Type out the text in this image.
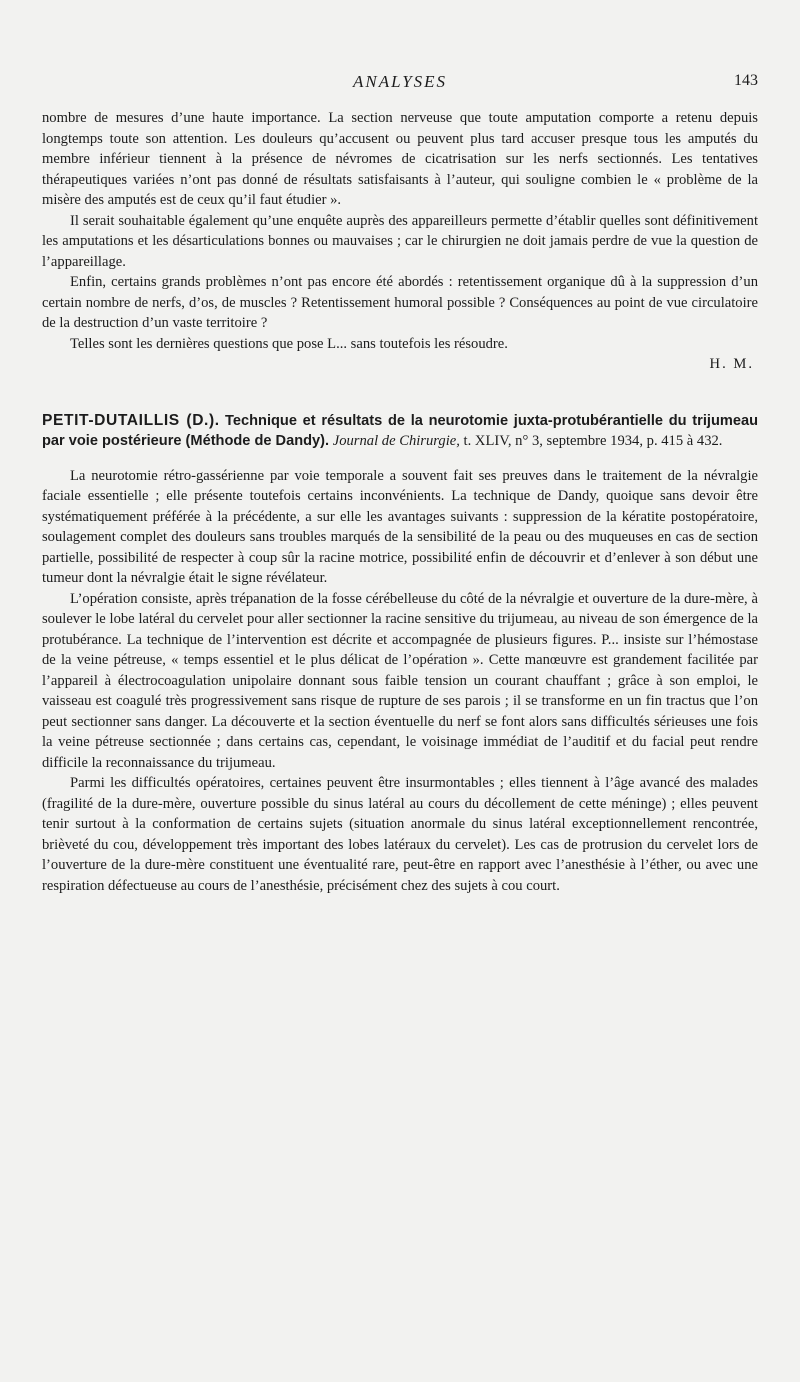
ANALYSES	143

nombre de mesures d’une haute importance. La section nerveuse que toute amputation comporte a retenu depuis longtemps toute son attention. Les douleurs qu’accusent ou peuvent plus tard accuser presque tous les amputés du membre inférieur tiennent à la présence de névromes de cicatrisation sur les nerfs sectionnés. Les tentatives thérapeutiques variées n’ont pas donné de résultats satisfaisants à l’auteur, qui souligne combien le « problème de la misère des amputés est de ceux qu’il faut étudier ».

Il serait souhaitable également qu’une enquête auprès des appareilleurs permette d’établir quelles sont définitivement les amputations et les désarticulations bonnes ou mauvaises ; car le chirurgien ne doit jamais perdre de vue la question de l’appareillage.

Enfin, certains grands problèmes n’ont pas encore été abordés : retentissement organique dû à la suppression d’un certain nombre de nerfs, d’os, de muscles ? Retentissement humoral possible ? Conséquences au point de vue circulatoire de la destruction d’un vaste territoire ?

Telles sont les dernières questions que pose L... sans toutefois les résoudre.

H. M.

PETIT-DUTAILLIS (D.). Technique et résultats de la neurotomie juxta-protubérantielle du trijumeau par voie postérieure (Méthode de Dandy). Journal de Chirurgie, t. XLIV, n° 3, septembre 1934, p. 415 à 432.

La neurotomie rétro-gassérienne par voie temporale a souvent fait ses preuves dans le traitement de la névralgie faciale essentielle ; elle présente toutefois certains inconvénients. La technique de Dandy, quoique sans devoir être systématiquement préférée à la précédente, a sur elle les avantages suivants : suppression de la kératite postopératoire, soulagement complet des douleurs sans troubles marqués de la sensibilité de la peau ou des muqueuses en cas de section partielle, possibilité de respecter à coup sûr la racine motrice, possibilité enfin de découvrir et d’enlever à son début une tumeur dont la névralgie était le signe révélateur.

L’opération consiste, après trépanation de la fosse cérébelleuse du côté de la névralgie et ouverture de la dure-mère, à soulever le lobe latéral du cervelet pour aller sectionner la racine sensitive du trijumeau, au niveau de son émergence de la protubérance. La technique de l’intervention est décrite et accompagnée de plusieurs figures. P... insiste sur l’hémostase de la veine pétreuse, « temps essentiel et le plus délicat de l’opération ». Cette manœuvre est grandement facilitée par l’appareil à électrocoagulation unipolaire donnant sous faible tension un courant chauffant ; grâce à son emploi, le vaisseau est coagulé très progressivement sans risque de rupture de ses parois ; il se transforme en un fin tractus que l’on peut sectionner sans danger. La découverte et la section éventuelle du nerf se font alors sans difficultés sérieuses une fois la veine pétreuse sectionnée ; dans certains cas, cependant, le voisinage immédiat de l’auditif et du facial peut rendre difficile la reconnaissance du trijumeau.

Parmi les difficultés opératoires, certaines peuvent être insurmontables ; elles tiennent à l’âge avancé des malades (fragilité de la dure-mère, ouverture possible du sinus latéral au cours du décollement de cette méninge) ; elles peuvent tenir surtout à la conformation de certains sujets (situation anormale du sinus latéral exceptionnellement rencontrée, brièveté du cou, développement très important des lobes latéraux du cervelet). Les cas de protrusion du cervelet lors de l’ouverture de la dure-mère constituent une éventualité rare, peut-être en rapport avec l’anesthésie à l’éther, ou avec une respiration défectueuse au cours de l’anesthésie, précisément chez des sujets à cou court.
